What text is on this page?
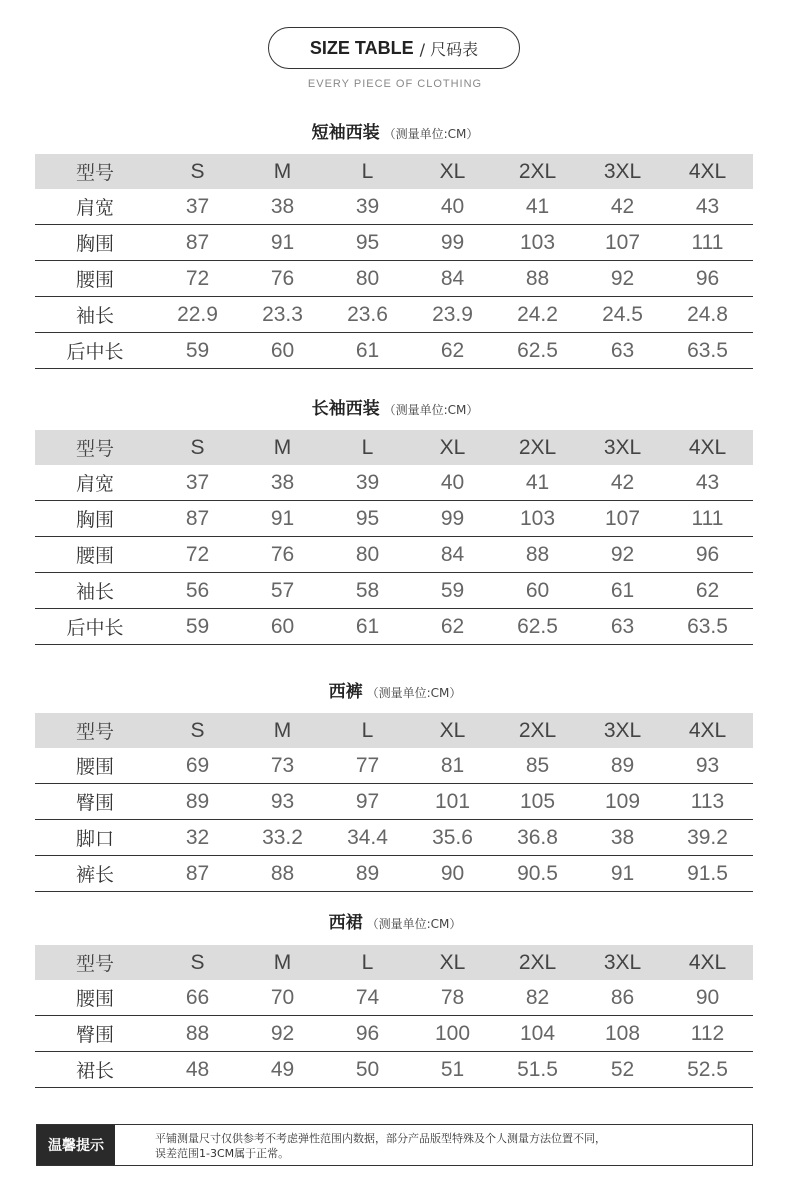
SIZE TABLE / 尺码表
EVERY PIECE OF CLOTHING
短袖西装 （测量单位:CM）
型号	S	M	L	XL	2XL	3XL	4XL
肩宽	37	38	39	40	41	42	43
胸围	87	91	95	99	103	107	111
腰围	72	76	80	84	88	92	96
袖长	22.9	23.3	23.6	23.9	24.2	24.5	24.8
后中长	59	60	61	62	62.5	63	63.5
长袖西装 （测量单位:CM）
型号	S	M	L	XL	2XL	3XL	4XL
肩宽	37	38	39	40	41	42	43
胸围	87	91	95	99	103	107	111
腰围	72	76	80	84	88	92	96
袖长	56	57	58	59	60	61	62
后中长	59	60	61	62	62.5	63	63.5
西裤 （测量单位:CM）
型号	S	M	L	XL	2XL	3XL	4XL
腰围	69	73	77	81	85	89	93
臀围	89	93	97	101	105	109	113
脚口	32	33.2	34.4	35.6	36.8	38	39.2
裤长	87	88	89	90	90.5	91	91.5
西裙 （测量单位:CM）
型号	S	M	L	XL	2XL	3XL	4XL
腰围	66	70	74	78	82	86	90
臀围	88	92	96	100	104	108	112
裙长	48	49	50	51	51.5	52	52.5
温馨提示	平铺测量尺寸仅供参考不考虑弹性范围内数据，部分产品版型特殊及个人测量方法位置不同，
误差范围1-3CM属于正常。
